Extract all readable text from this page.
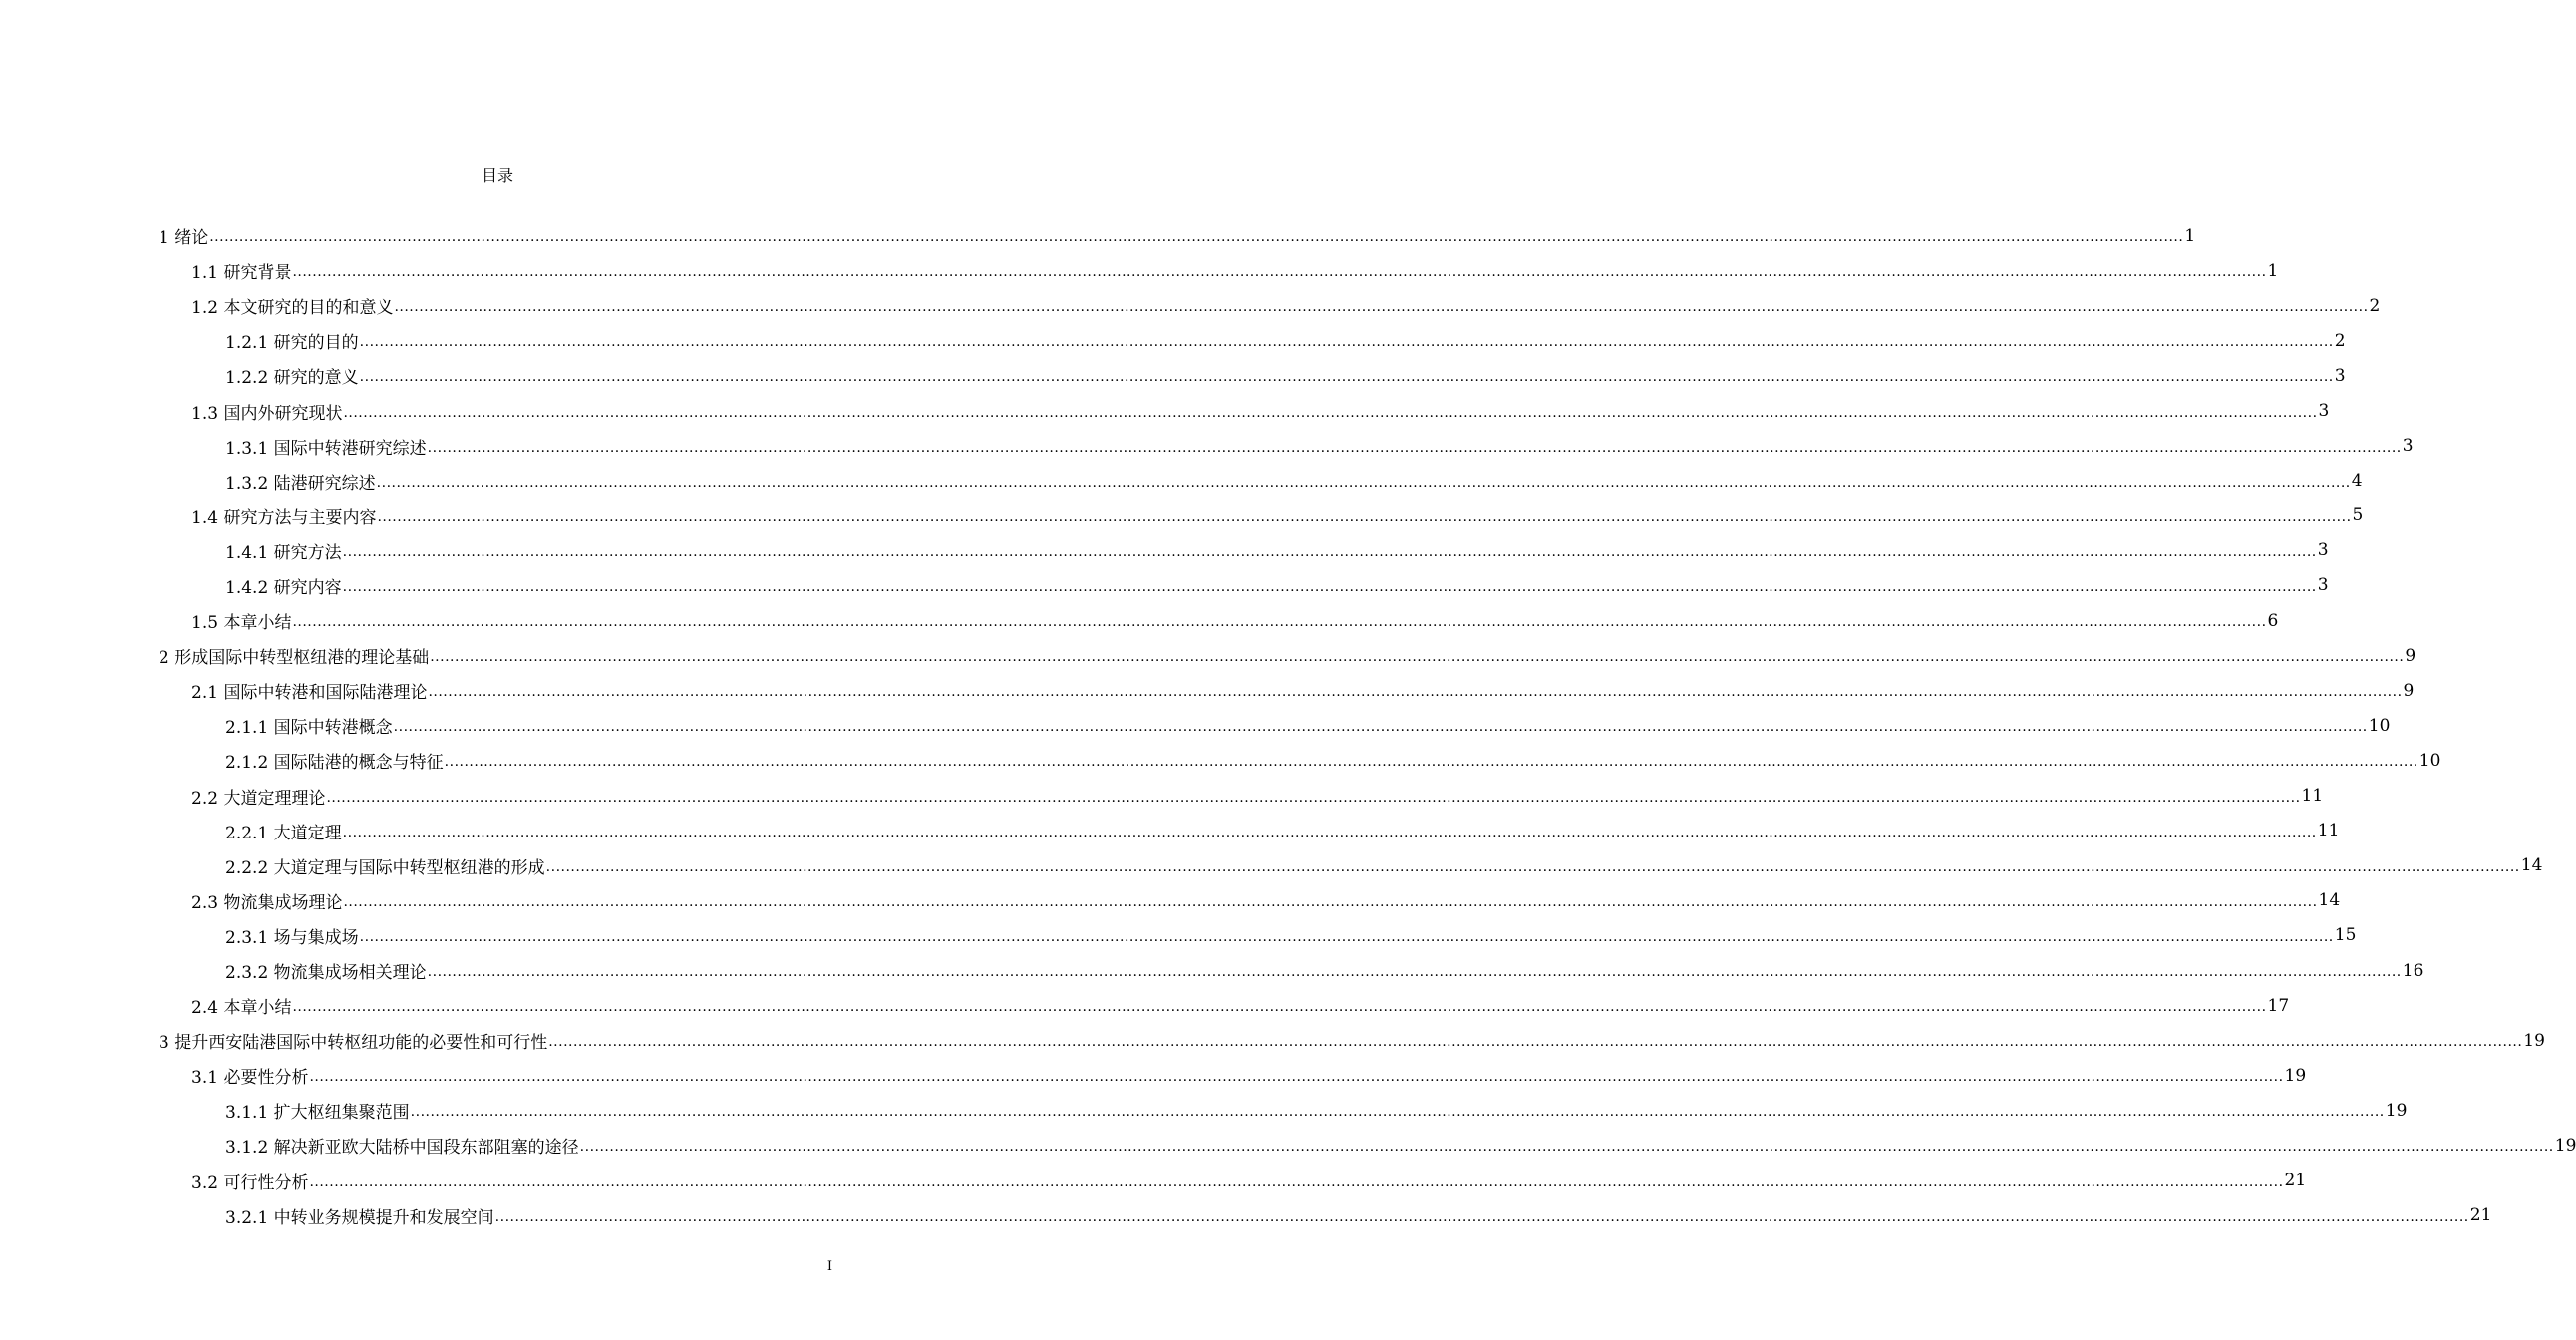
目录
1 绪论 ................................................................................................................................................................................................................................................................................................................................................................................................................ 1
1.1 研究背景 ................................................................................................................................................................................................................................................................................................................................................................................................................ 1
1.2 本文研究的目的和意义 ................................................................................................................................................................................................................................................................................................................................................................................................................ 2
1.2.1 研究的目的 ................................................................................................................................................................................................................................................................................................................................................................................................................ 2
1.2.2 研究的意义 ................................................................................................................................................................................................................................................................................................................................................................................................................ 3
1.3 国内外研究现状 ................................................................................................................................................................................................................................................................................................................................................................................................................ 3
1.3.1 国际中转港研究综述 ................................................................................................................................................................................................................................................................................................................................................................................................................ 3
1.3.2 陆港研究综述 ................................................................................................................................................................................................................................................................................................................................................................................................................ 4
1.4 研究方法与主要内容 ................................................................................................................................................................................................................................................................................................................................................................................................................ 5
1.4.1 研究方法 ................................................................................................................................................................................................................................................................................................................................................................................................................ 3
1.4.2 研究内容 ................................................................................................................................................................................................................................................................................................................................................................................................................ 3
1.5 本章小结 ................................................................................................................................................................................................................................................................................................................................................................................................................ 6
2 形成国际中转型枢纽港的理论基础 ................................................................................................................................................................................................................................................................................................................................................................................................................ 9
2.1 国际中转港和国际陆港理论 ................................................................................................................................................................................................................................................................................................................................................................................................................ 9
2.1.1 国际中转港概念 ................................................................................................................................................................................................................................................................................................................................................................................................................ 10
2.1.2 国际陆港的概念与特征 ................................................................................................................................................................................................................................................................................................................................................................................................................ 10
2.2 大道定理理论 ................................................................................................................................................................................................................................................................................................................................................................................................................ 11
2.2.1 大道定理 ................................................................................................................................................................................................................................................................................................................................................................................................................ 11
2.2.2 大道定理与国际中转型枢纽港的形成 ................................................................................................................................................................................................................................................................................................................................................................................................................ 14
2.3 物流集成场理论 ................................................................................................................................................................................................................................................................................................................................................................................................................ 14
2.3.1 场与集成场 ................................................................................................................................................................................................................................................................................................................................................................................................................ 15
2.3.2 物流集成场相关理论 ................................................................................................................................................................................................................................................................................................................................................................................................................ 16
2.4 本章小结 ................................................................................................................................................................................................................................................................................................................................................................................................................ 17
3 提升西安陆港国际中转枢纽功能的必要性和可行性 ................................................................................................................................................................................................................................................................................................................................................................................................................ 19
3.1 必要性分析 ................................................................................................................................................................................................................................................................................................................................................................................................................ 19
3.1.1 扩大枢纽集聚范围 ................................................................................................................................................................................................................................................................................................................................................................................................................ 19
3.1.2 解决新亚欧大陆桥中国段东部阻塞的途径 ................................................................................................................................................................................................................................................................................................................................................................................................................ 19
3.2 可行性分析 ................................................................................................................................................................................................................................................................................................................................................................................................................ 21
3.2.1 中转业务规模提升和发展空间 ................................................................................................................................................................................................................................................................................................................................................................................................................ 21
I
